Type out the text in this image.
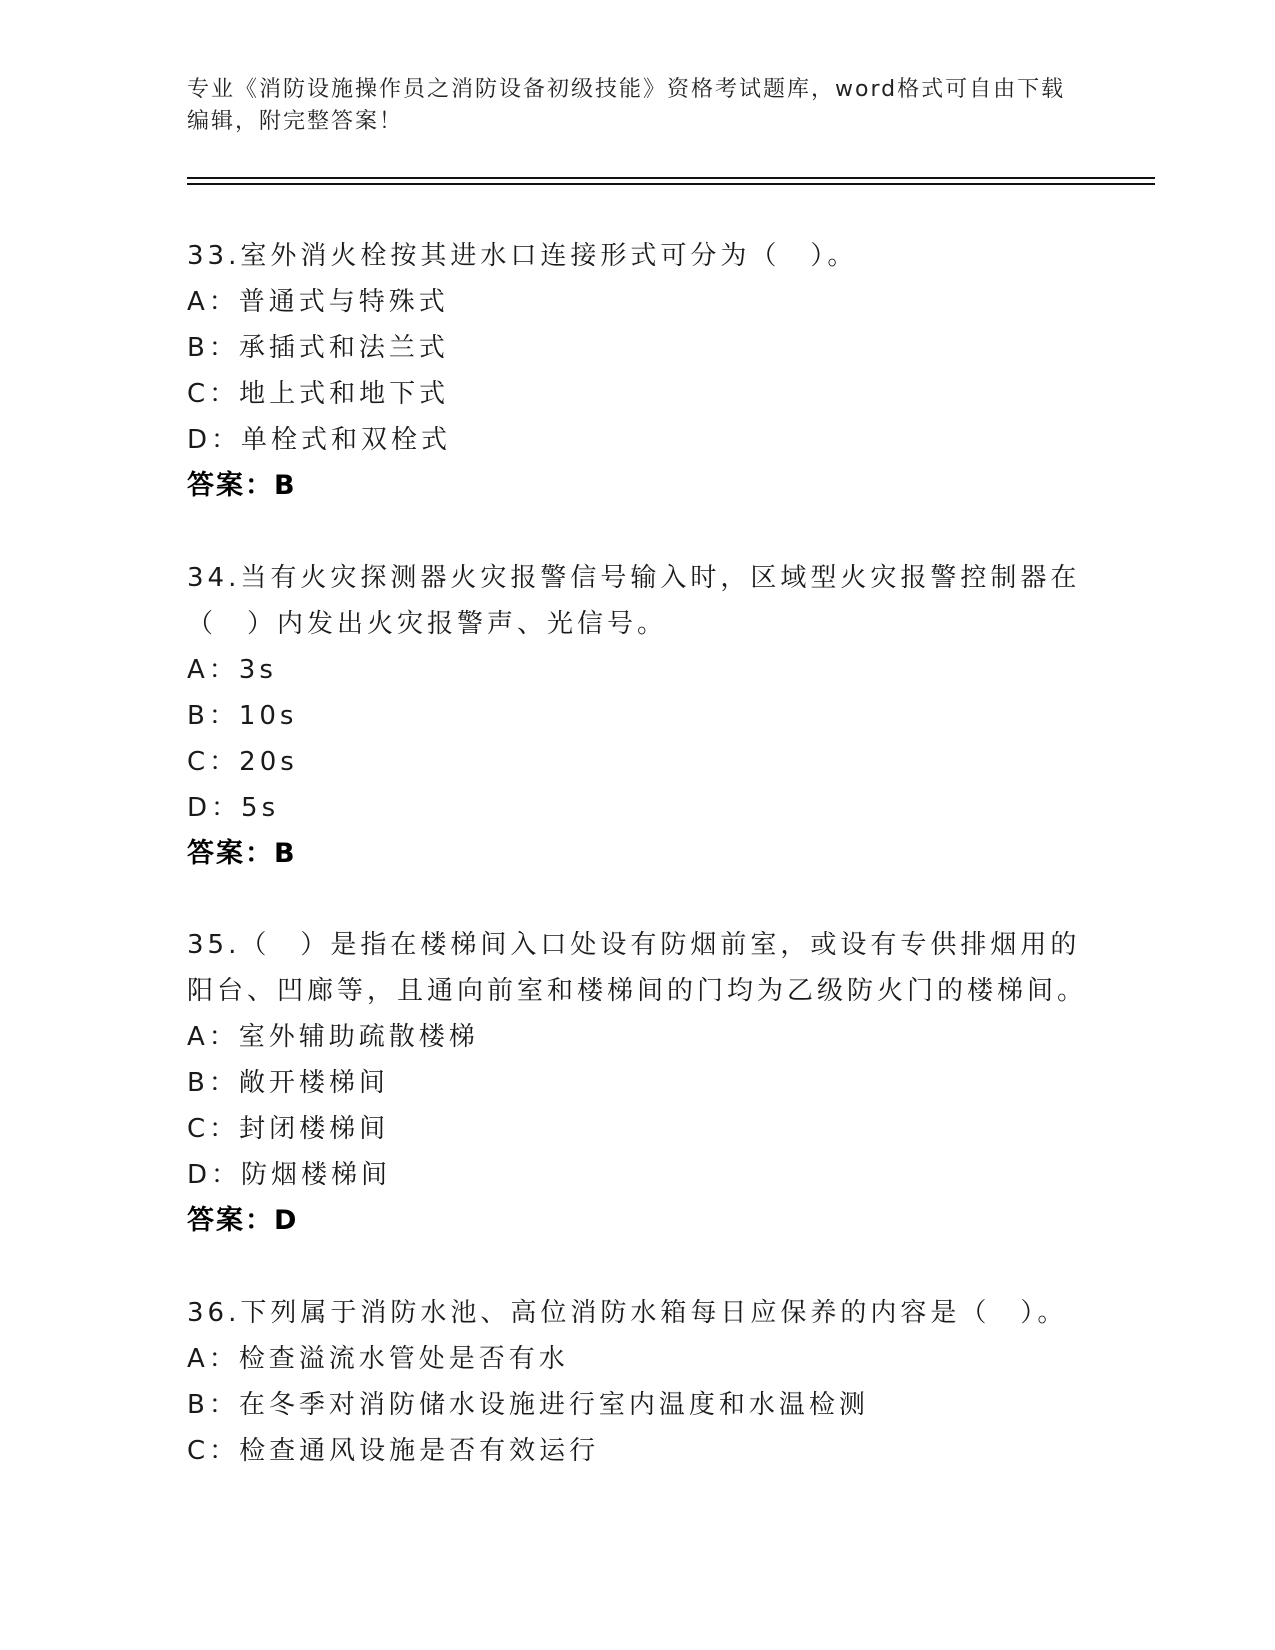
专业《消防设施操作员之消防设备初级技能》资格考试题库，word格式可自由下载编辑，附完整答案！
33.室外消火栓按其进水口连接形式可分为（　）。
A：普通式与特殊式
B：承插式和法兰式
C：地上式和地下式
D：单栓式和双栓式
答案：B
34.当有火灾探测器火灾报警信号输入时，区域型火灾报警控制器在（　）内发出火灾报警声、光信号。
A：3s
B：10s
C：20s
D：5s
答案：B
35.（　）是指在楼梯间入口处设有防烟前室，或设有专供排烟用的阳台、凹廊等，且通向前室和楼梯间的门均为乙级防火门的楼梯间。
A：室外辅助疏散楼梯
B：敞开楼梯间
C：封闭楼梯间
D：防烟楼梯间
答案：D
36.下列属于消防水池、高位消防水箱每日应保养的内容是（　）。
A：检查溢流水管处是否有水
B：在冬季对消防储水设施进行室内温度和水温检测
C：检查通风设施是否有效运行
